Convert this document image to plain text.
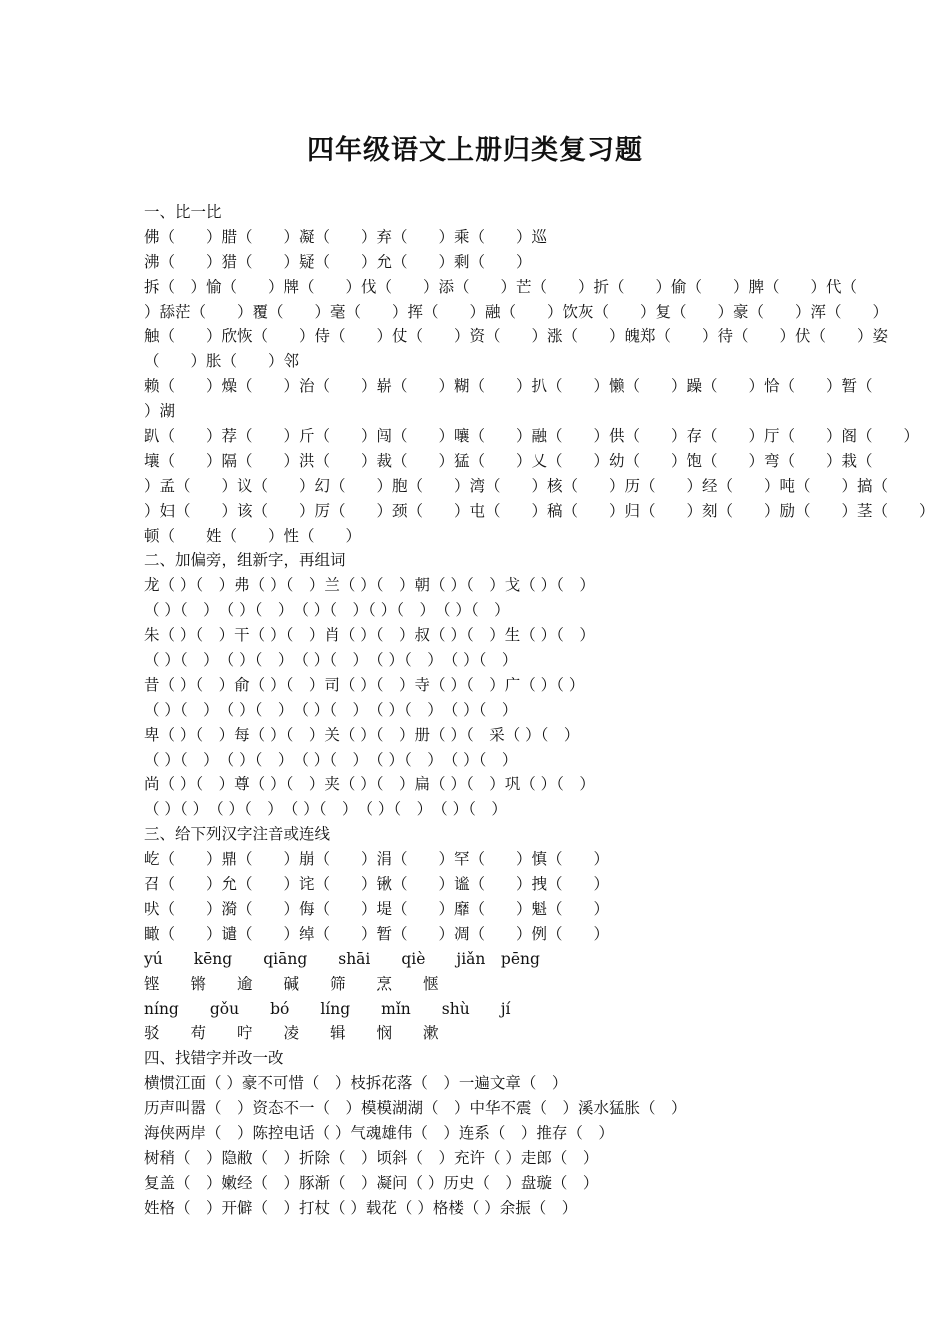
四年级语文上册归类复习题
一、比一比
佛（　　）腊（　　）凝（　　）弃（　　）乘（　　）巡
沸（　　）猎（　　）疑（　　）允（　　）剩（　　）
拆（　）愉（　　）牌（　　）伐（　　）添（　　）芒（　　）折（　　）偷（　　）脾（　　）代（
）舔茫（　　）覆（　　）毫（　　）挥（　　）融（　　）饮灰（　　）复（　　）豪（　　）浑（　　）
触（　　）欣恢（　　）侍（　　）仗（　　）资（　　）涨（　　）魄郑（　　）待（　　）伏（　　）姿
（　　）胀（　　）邻
赖（　　）燥（　　）治（　　）崭（　　）糊（　　）扒（　　）懒（　　）躁（　　）恰（　　）暂（
）湖
趴（　　）荐（　　）斤（　　）闯（　　）嚷（　　）融（　　）供（　　）存（　　）厅（　　）阁（　　）
壤（　　）隔（　　）洪（　　）裁（　　）猛（　　）乂（　　）幼（　　）饱（　　）弯（　　）栽（
）孟（　　）议（　　）幻（　　）胞（　　）湾（　　）核（　　）历（　　）经（　　）吨（　　）搞（
）妇（　　）该（　　）厉（　　）颈（　　）屯（　　）稿（　　）归（　　）刻（　　）励（　　）茎（　　）
顿（　　姓（　　）性（　　）
二、加偏旁，组新字，再组词
龙（ ）（　）弗（ ）（　）兰（ ）（　）朝（ ）（　）戈（ ）（　）
（ ）（　）　（ ）（　）　（ ）（　）（ ）（　）　（ ）（　）
朱（ ）（　）干（ ）（　）肖（ ）（　）叔（ ）（　）生（ ）（　）
（ ）（　）　（ ）（　）　（ ）（　）　（ ）（　）　（ ）（　）
昔（ ）（　）俞（ ）（　）司（ ）（　）寺（ ）（　）广（ ）（ ）
（ ）（　）　（ ）（　）　（ ）（　）　（ ）（　）　（ ）（　）
卑（ ）（　）每（ ）（　）关（ ）（　）册（ ）（　采（ ）（　）
（ ）（　）　（ ）（　）　（ ）（　）　（ ）（　）　（ ）（　）
尚（ ）（　）尊（ ）（　）夹（ ）（　）扁（ ）（　）巩（ ）（　）
（ ）（ ）　（ ）（　）　（ ）（　）　（ ）（　）　（ ）（　）
三、给下列汉字注音或连线
屹（　　）鼎（　　）崩（　　）涓（　　）罕（　　）慎（　　）
召（　　）允（　　）诧（　　）锹（　　）谧（　　）拽（　　）
吠（　　）漪（　　）侮（　　）堤（　　）靡（　　）魁（　　）
瞰（　　）谴（　　）绰（　　）暂（　　）凋（　　）例（　　）
yú　　kēng　　qiāng　　shāi　　qiè　　jiǎn　pēng
铿　　锵　　逾　　碱　　筛　　烹　　惬
níng　　gǒu　　bó　　líng　　mǐn　　shù　　jí
驳　　苟　　咛　　凌　　辑　　悯　　漱
四、找错字并改一改
横惯江面（ ）豪不可惜（　）枝拆花落（　）一遍文章（　）
历声叫嚣（　）资态不一（　）模模湖湖（　）中华不震（　）溪水猛胀（　）
海侠两岸（　）陈控电话（ ）气魂雄伟（　）连系（　）推存（　）
树稍（　）隐敝（　）折除（　）顷斜（　）充许（ ）走郎（　）
复盖（　）嫩经（　）豚渐（　）凝问（ ）历史（　）盘璇（　）
姓格（　）开僻（　）打杖（ ）载花（ ）格楼（ ）余振（　）
